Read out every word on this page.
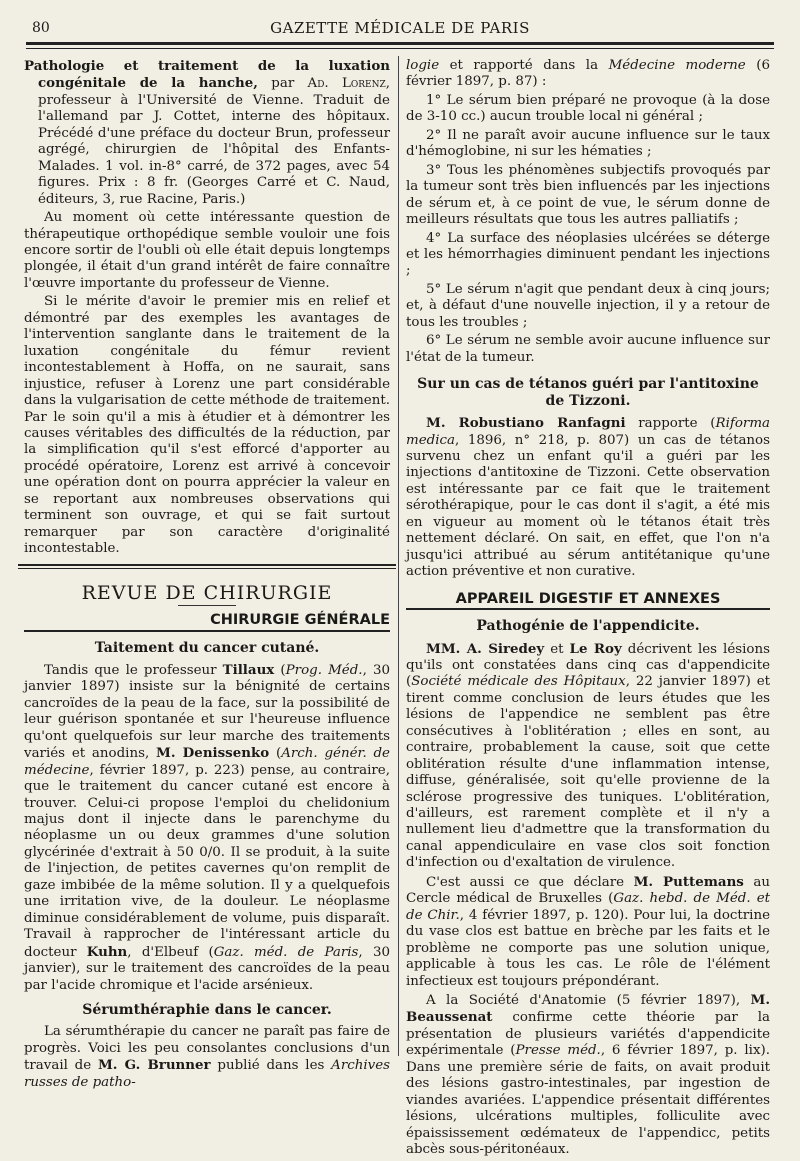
80	GAZETTE MÉDICALE DE PARIS

Pathologie et traitement de la luxation congénitale de la hanche, par Ad. Lorenz, professeur à l'Université de Vienne. Traduit de l'allemand par J. Cottet, interne des hôpitaux. Précédé d'une préface du docteur Brun, professeur agrégé, chirurgien de l'hôpital des Enfants-Malades. 1 vol. in-8° carré, de 372 pages, avec 54 figures. Prix : 8 fr. (Georges Carré et C. Naud, éditeurs, 3, rue Racine, Paris.)

Au moment où cette intéressante question de thérapeutique orthopédique semble vouloir une fois encore sortir de l'oubli où elle était depuis longtemps plongée, il était d'un grand intérêt de faire connaître l'œuvre importante du professeur de Vienne.

Si le mérite d'avoir le premier mis en relief et démontré par des exemples les avantages de l'intervention sanglante dans le traitement de la luxation congénitale du fémur revient incontestablement à Hoffa, on ne saurait, sans injustice, refuser à Lorenz une part considérable dans la vulgarisation de cette méthode de traitement. Par le soin qu'il a mis à étudier et à démontrer les causes véritables des difficultés de la réduction, par la simplification qu'il s'est efforcé d'apporter au procédé opératoire, Lorenz est arrivé à concevoir une opération dont on pourra apprécier la valeur en se reportant aux nombreuses observations qui terminent son ouvrage, et qui se fait surtout remarquer par son caractère d'originalité incontestable.

REVUE DE CHIRURGIE
CHIRURGIE GÉNÉRALE
Taitement du cancer cutané.

Tandis que le professeur Tillaux (Prog. Méd., 30 janvier 1897) insiste sur la bénignité de certains cancroïdes de la peau de la face, sur la possibilité de leur guérison spontanée et sur l'heureuse influence qu'ont quelquefois sur leur marche des traitements variés et anodins, M. Denissenko (Arch. génér. de médecine, février 1897, p. 223) pense, au contraire, que le traitement du cancer cutané est encore à trouver. Celui-ci propose l'emploi du chelidonium majus dont il injecte dans le parenchyme du néoplasme un ou deux grammes d'une solution glycérinée d'extrait à 50 0/0. Il se produit, à la suite de l'injection, de petites cavernes qu'on remplit de gaze imbibée de la même solution. Il y a quelquefois une irritation vive, de la douleur. Le néoplasme diminue considérablement de volume, puis disparaît. Travail à rapprocher de l'intéressant article du docteur Kuhn, d'Elbeuf (Gaz. méd. de Paris, 30 janvier), sur le traitement des cancroïdes de la peau par l'acide chromique et l'acide arsénieux.

Sérumthéraphie dans le cancer.

La sérumthérapie du cancer ne paraît pas faire de progrès. Voici les peu consolantes conclusions d'un travail de M. G. Brunner publié dans les Archives russes de patho-

logie et rapporté dans la Médecine moderne (6 février 1897, p. 87) :

1° Le sérum bien préparé ne provoque (à la dose de 3-10 cc.) aucun trouble local ni général ;

2° Il ne paraît avoir aucune influence sur le taux d'hémoglobine, ni sur les hématies ;

3° Tous les phénomènes subjectifs provoqués par la tumeur sont très bien influencés par les injections de sérum et, à ce point de vue, le sérum donne de meilleurs résultats que tous les autres palliatifs ;

4° La surface des néoplasies ulcérées se déterge et les hémorrhagies diminuent pendant les injections ;

5° Le sérum n'agit que pendant deux à cinq jours; et, à défaut d'une nouvelle injection, il y a retour de tous les troubles ;

6° Le sérum ne semble avoir aucune influence sur l'état de la tumeur.

Sur un cas de tétanos guéri par l'antitoxine de Tizzoni.

M. Robustiano Ranfagni rapporte (Riforma medica, 1896, n° 218, p. 807) un cas de tétanos survenu chez un enfant qu'il a guéri par les injections d'antitoxine de Tizzoni. Cette observation est intéressante par ce fait que le traitement sérothérapique, pour le cas dont il s'agit, a été mis en vigueur au moment où le tétanos était très nettement déclaré. On sait, en effet, que l'on n'a jusqu'ici attribué au sérum antitétanique qu'une action préventive et non curative.

APPAREIL DIGESTIF ET ANNEXES
Pathogénie de l'appendicite.

MM. A. Siredey et Le Roy décrivent les lésions qu'ils ont constatées dans cinq cas d'appendicite (Société médicale des Hôpitaux, 22 janvier 1897) et tirent comme conclusion de leurs études que les lésions de l'appendice ne semblent pas être consécutives à l'oblitération ; elles en sont, au contraire, probablement la cause, soit que cette oblitération résulte d'une inflammation intense, diffuse, généralisée, soit qu'elle provienne de la sclérose progressive des tuniques. L'oblitération, d'ailleurs, est rarement complète et il n'y a nullement lieu d'admettre que la transformation du canal appendiculaire en vase clos soit fonction d'infection ou d'exaltation de virulence.

C'est aussi ce que déclare M. Puttemans au Cercle médical de Bruxelles (Gaz. hebd. de Méd. et de Chir., 4 février 1897, p. 120). Pour lui, la doctrine du vase clos est battue en brèche par les faits et le problème ne comporte pas une solution unique, applicable à tous les cas. Le rôle de l'élément infectieux est toujours prépondérant.

A la Société d'Anatomie (5 février 1897), M. Beaussenat confirme cette théorie par la présentation de plusieurs variétés d'appendicite expérimentale (Presse méd., 6 février 1897, p. lix). Dans une première série de faits, on avait produit des lésions gastro-intestinales, par ingestion de viandes avariées. L'appendice présentait différentes lésions, ulcérations multiples, folliculite avec épaississement œdémateux de l'appendicc, petits abcès sous-péritonéaux.
